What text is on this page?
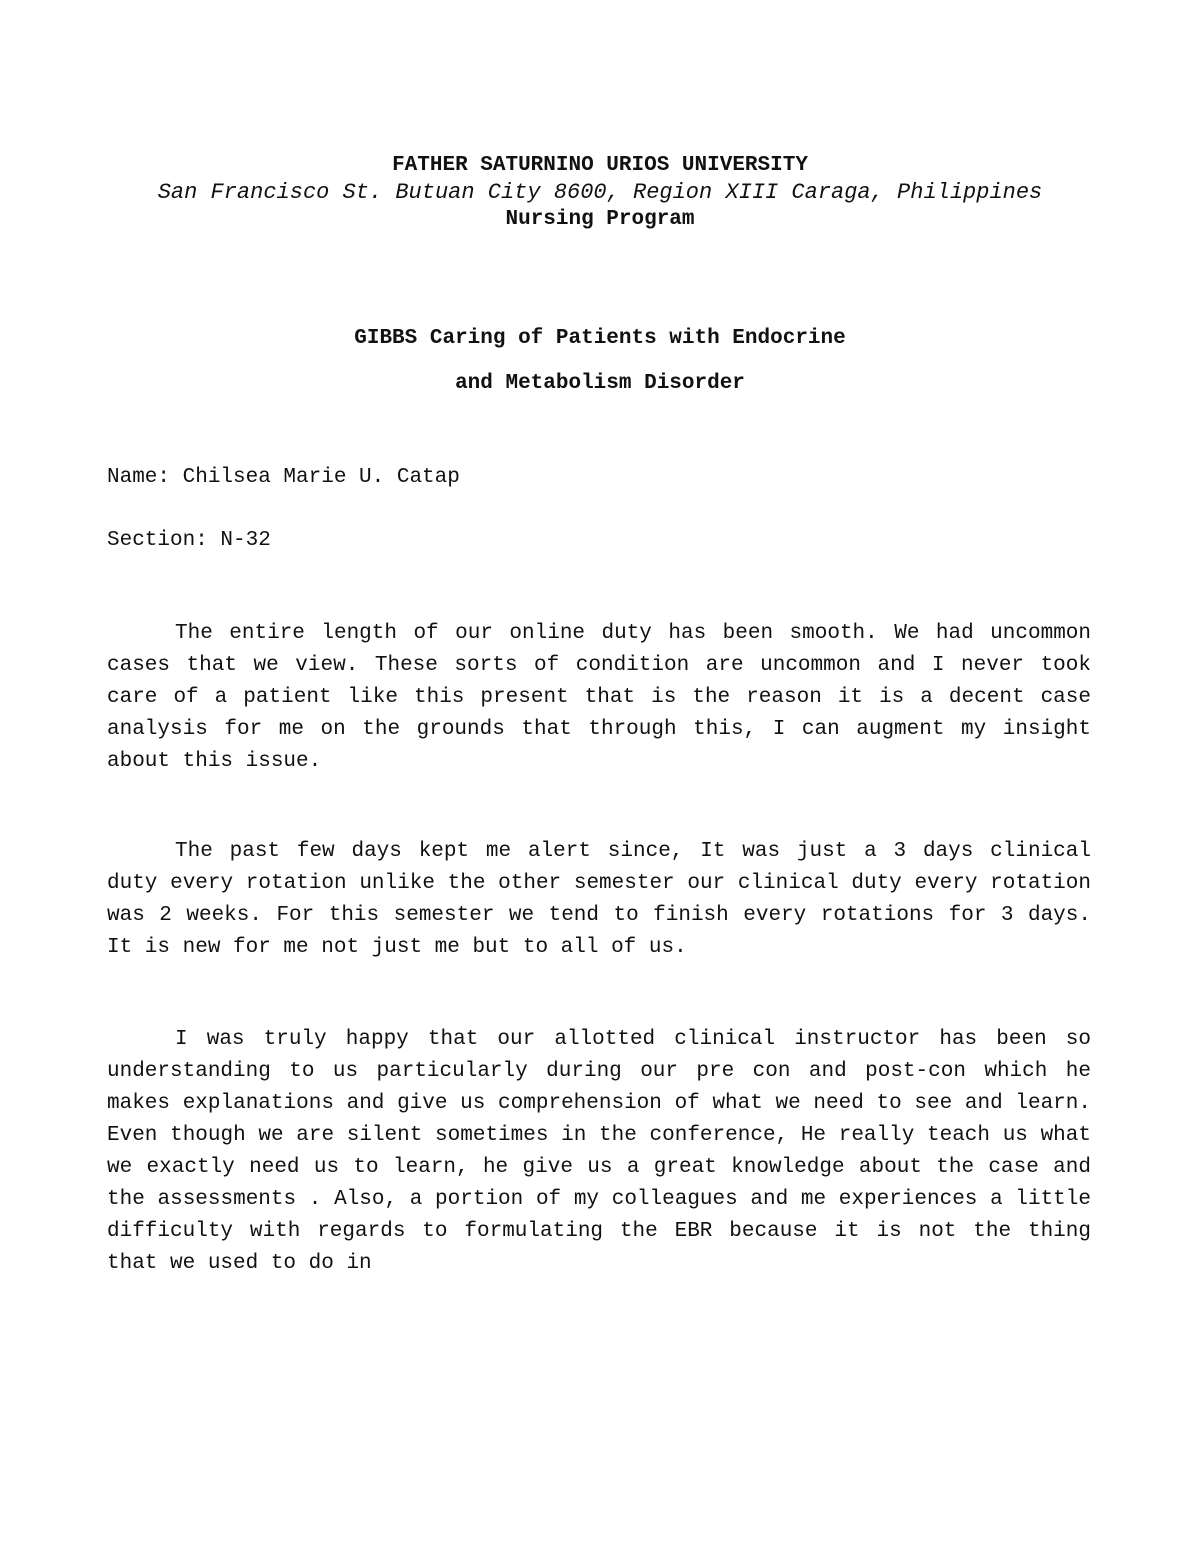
FATHER SATURNINO URIOS UNIVERSITY
San Francisco St. Butuan City 8600, Region XIII Caraga, Philippines
Nursing Program
GIBBS Caring of Patients with Endocrine
and Metabolism Disorder
Name: Chilsea Marie U. Catap
Section: N-32

The entire length of our online duty has been smooth. We had uncommon cases that we view. These sorts of condition are uncommon and I never took care of a patient like this present that is the reason it is a decent case analysis for me on the grounds that through this, I can augment my insight about this issue.

The past few days kept me alert since, It was just a 3 days clinical duty every rotation unlike the other semester our clinical duty every rotation was 2 weeks. For this semester we tend to finish every rotations for 3 days. It is new for me not just me but to all of us.

I was truly happy that our allotted clinical instructor has been so understanding to us particularly during our pre con and post-con which he makes explanations and give us comprehension of what we need to see and learn. Even though we are silent sometimes in the conference, He really teach us what we exactly need us to learn, he give us a great knowledge about the case and the assessments . Also, a portion of my colleagues and me experiences a little difficulty with regards to formulating the EBR because it is not the thing that we used to do in
